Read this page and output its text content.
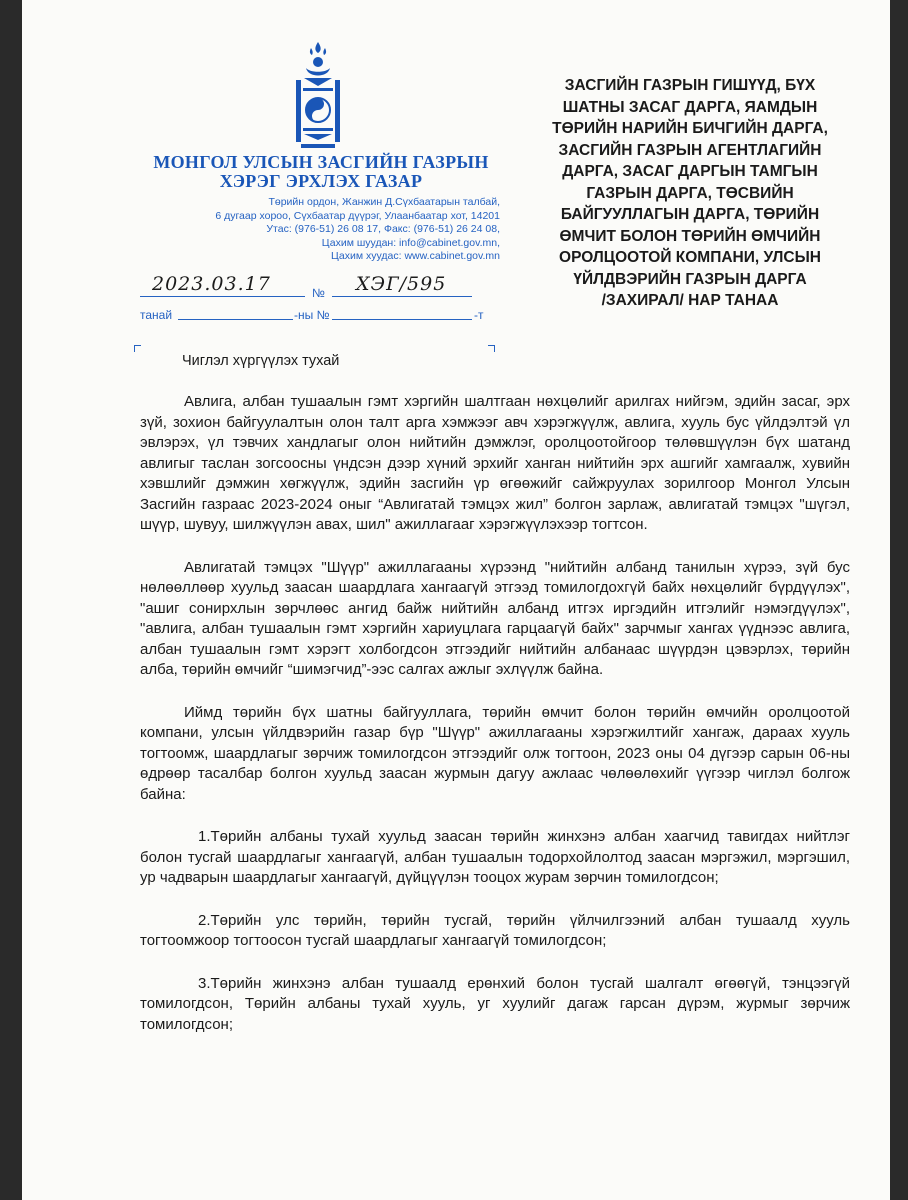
МОНГОЛ УЛСЫН ЗАСГИЙН ГАЗРЫН
ХЭРЭГ ЭРХЛЭХ ГАЗАР
Төрийн ордон, Жанжин Д.Сүхбаатарын талбай,
6 дугаар хороо, Сүхбаатар дүүрэг, Улаанбаатар хот, 14201
Утас: (976-51) 26 08 17, Факс: (976-51) 26 24 08,
Цахим шуудан: info@cabinet.gov.mn,
Цахим хуудас: www.cabinet.gov.mn
2023.03.17	№ ХЭГ/595
танай	-ны №	-т
ЗАСГИЙН ГАЗРЫН ГИШҮҮД, БҮХ
ШАТНЫ ЗАСАГ ДАРГА, ЯАМДЫН
ТӨРИЙН НАРИЙН БИЧГИЙН ДАРГА,
ЗАСГИЙН ГАЗРЫН АГЕНТЛАГИЙН
ДАРГА, ЗАСАГ ДАРГЫН ТАМГЫН
ГАЗРЫН ДАРГА, ТӨСВИЙН
БАЙГУУЛЛАГЫН ДАРГА, ТӨРИЙН
ӨМЧИТ БОЛОН ТӨРИЙН ӨМЧИЙН
ОРОЛЦООТОЙ КОМПАНИ, УЛСЫН
ҮЙЛДВЭРИЙН ГАЗРЫН ДАРГА
/ЗАХИРАЛ/ НАР ТАНАА
Чиглэл хүргүүлэх тухай

Авлига, албан тушаалын гэмт хэргийн шалтгаан нөхцөлийг арилгах нийгэм, эдийн засаг, эрх зүй, зохион байгуулалтын олон талт арга хэмжээг авч хэрэгжүүлж, авлига, хууль бус үйлдэлтэй үл эвлэрэх, үл тэвчих хандлагыг олон нийтийн дэмжлэг, оролцоотойгоор төлөвшүүлэн бүх шатанд авлигыг таслан зогсоосны үндсэн дээр хүний эрхийг ханган нийтийн эрх ашгийг хамгаалж, хувийн хэвшлийг дэмжин хөгжүүлж, эдийн засгийн үр өгөөжийг сайжруулах зорилгоор Монгол Улсын Засгийн газраас 2023-2024 оныг “Авлигатай тэмцэх жил” болгон зарлаж, авлигатай тэмцэх "шүгэл, шүүр, шувуу, шилжүүлэн авах, шил" ажиллагааг хэрэгжүүлэхээр тогтсон.

Авлигатай тэмцэх "Шүүр" ажиллагааны хүрээнд "нийтийн албанд танилын хүрээ, зүй бус нөлөөллөөр хуульд заасан шаардлага хангаагүй этгээд томилогдохгүй байх нөхцөлийг бүрдүүлэх", "ашиг сонирхлын зөрчлөөс ангид байж нийтийн албанд итгэх иргэдийн итгэлийг нэмэгдүүлэх", "авлига, албан тушаалын гэмт хэргийн хариуцлага гарцаагүй байх" зарчмыг хангах үүднээс авлига, албан тушаалын гэмт хэрэгт холбогдсон этгээдийг нийтийн албанаас шүүрдэн цэвэрлэх, төрийн алба, төрийн өмчийг “шимэгчид”-ээс салгах ажлыг эхлүүлж байна.

Иймд төрийн бүх шатны байгууллага, төрийн өмчит болон төрийн өмчийн оролцоотой компани, улсын үйлдвэрийн газар бүр "Шүүр" ажиллагааны хэрэгжилтийг хангаж, дараах хууль тогтоомж, шаардлагыг зөрчиж томилогдсон этгээдийг олж тогтоон, 2023 оны 04 дүгээр сарын 06-ны өдрөөр тасалбар болгон хуульд заасан журмын дагуу ажлаас чөлөөлөхийг үүгээр чиглэл болгож байна:

1.Төрийн албаны тухай хуульд заасан төрийн жинхэнэ албан хаагчид тавигдах нийтлэг болон тусгай шаардлагыг хангаагүй, албан тушаалын тодорхойлолтод заасан мэргэжил, мэргэшил, ур чадварын шаардлагыг хангаагүй, дүйцүүлэн тооцох журам зөрчин томилогдсон;

2.Төрийн улс төрийн, төрийн тусгай, төрийн үйлчилгээний албан тушаалд хууль тогтоомжоор тогтоосон тусгай шаардлагыг хангаагүй томилогдсон;

3.Төрийн жинхэнэ албан тушаалд ерөнхий болон тусгай шалгалт өгөөгүй, тэнцээгүй томилогдсон, Төрийн албаны тухай хууль, уг хуулийг дагаж гарсан дүрэм, журмыг зөрчиж томилогдсон;
